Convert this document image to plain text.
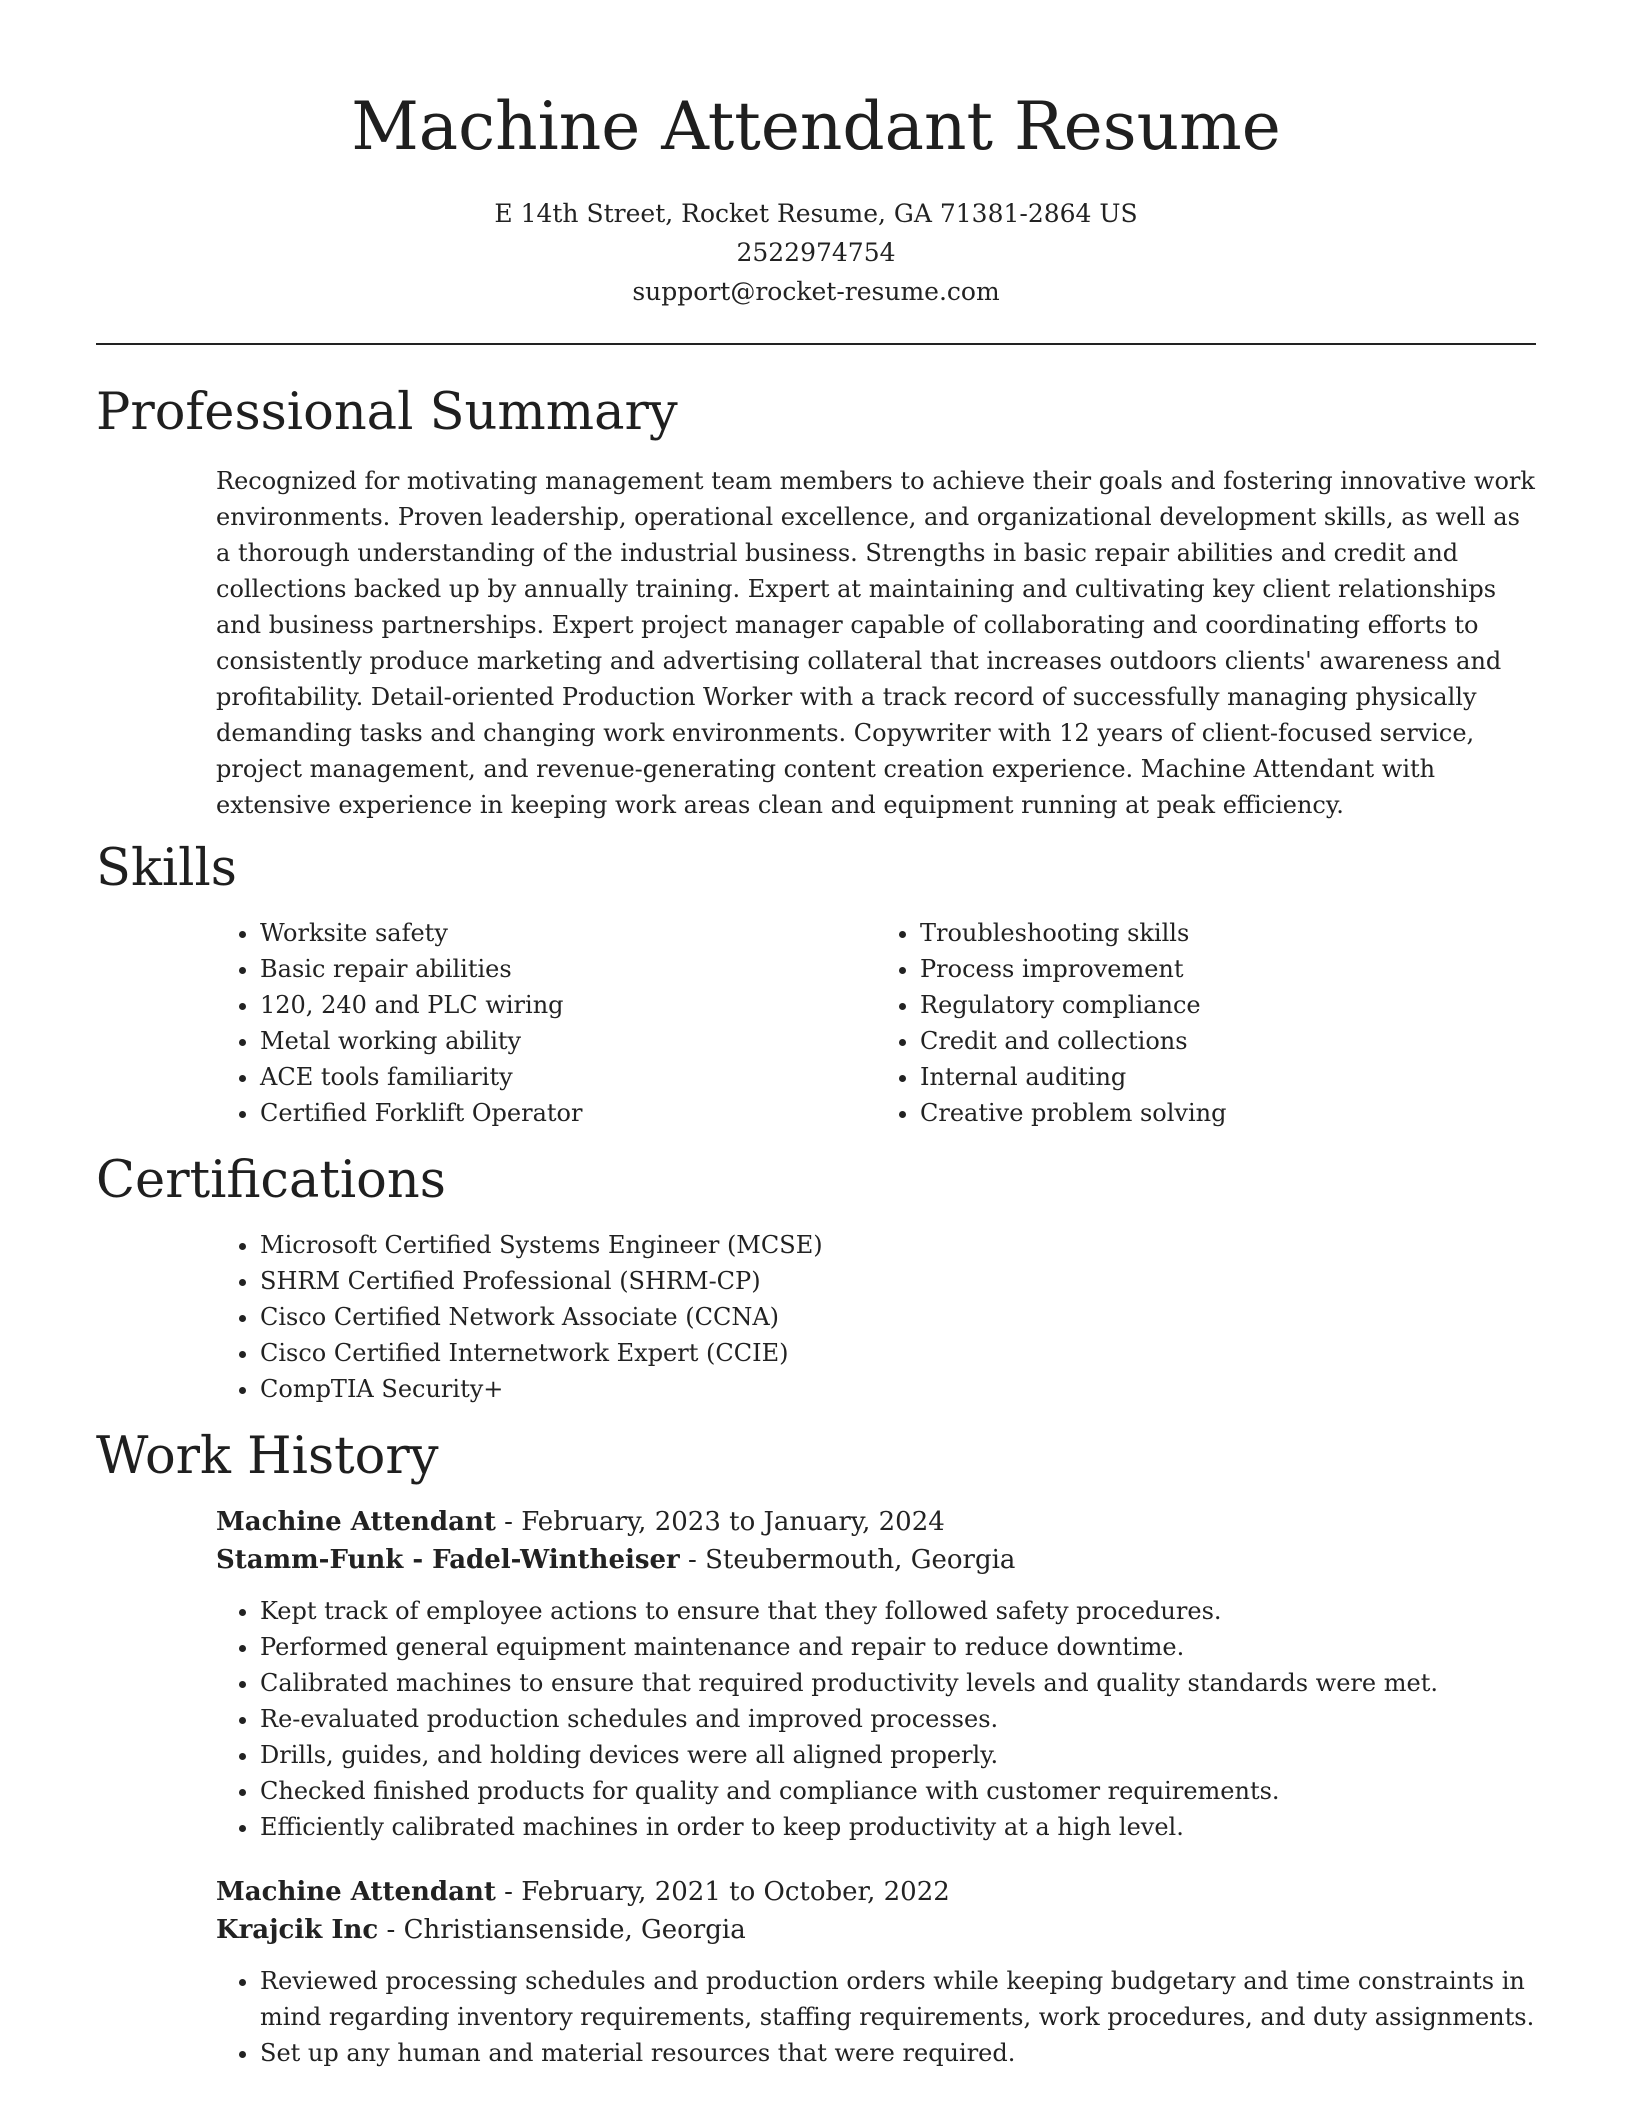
Machine Attendant Resume
E 14th Street, Rocket Resume, GA 71381-2864 US
2522974754
support@rocket-resume.com
Professional Summary
Recognized for motivating management team members to achieve their goals and fostering innovative work environments. Proven leadership, operational excellence, and organizational development skills, as well as a thorough understanding of the industrial business. Strengths in basic repair abilities and credit and collections backed up by annually training. Expert at maintaining and cultivating key client relationships and business partnerships. Expert project manager capable of collaborating and coordinating efforts to consistently produce marketing and advertising collateral that increases outdoors clients' awareness and profitability. Detail-oriented Production Worker with a track record of successfully managing physically demanding tasks and changing work environments. Copywriter with 12 years of client-focused service, project management, and revenue-generating content creation experience. Machine Attendant with extensive experience in keeping work areas clean and equipment running at peak efficiency.
Skills
• Worksite safety
• Basic repair abilities
• 120, 240 and PLC wiring
• Metal working ability
• ACE tools familiarity
• Certified Forklift Operator
• Troubleshooting skills
• Process improvement
• Regulatory compliance
• Credit and collections
• Internal auditing
• Creative problem solving
Certifications
• Microsoft Certified Systems Engineer (MCSE)
• SHRM Certified Professional (SHRM-CP)
• Cisco Certified Network Associate (CCNA)
• Cisco Certified Internetwork Expert (CCIE)
• CompTIA Security+
Work History
Machine Attendant - February, 2023 to January, 2024
Stamm-Funk - Fadel-Wintheiser - Steubermouth, Georgia
• Kept track of employee actions to ensure that they followed safety procedures.
• Performed general equipment maintenance and repair to reduce downtime.
• Calibrated machines to ensure that required productivity levels and quality standards were met.
• Re-evaluated production schedules and improved processes.
• Drills, guides, and holding devices were all aligned properly.
• Checked finished products for quality and compliance with customer requirements.
• Efficiently calibrated machines in order to keep productivity at a high level.
Machine Attendant - February, 2021 to October, 2022
Krajcik Inc - Christiansenside, Georgia
• Reviewed processing schedules and production orders while keeping budgetary and time constraints in mind regarding inventory requirements, staffing requirements, work procedures, and duty assignments.
• Set up any human and material resources that were required.
